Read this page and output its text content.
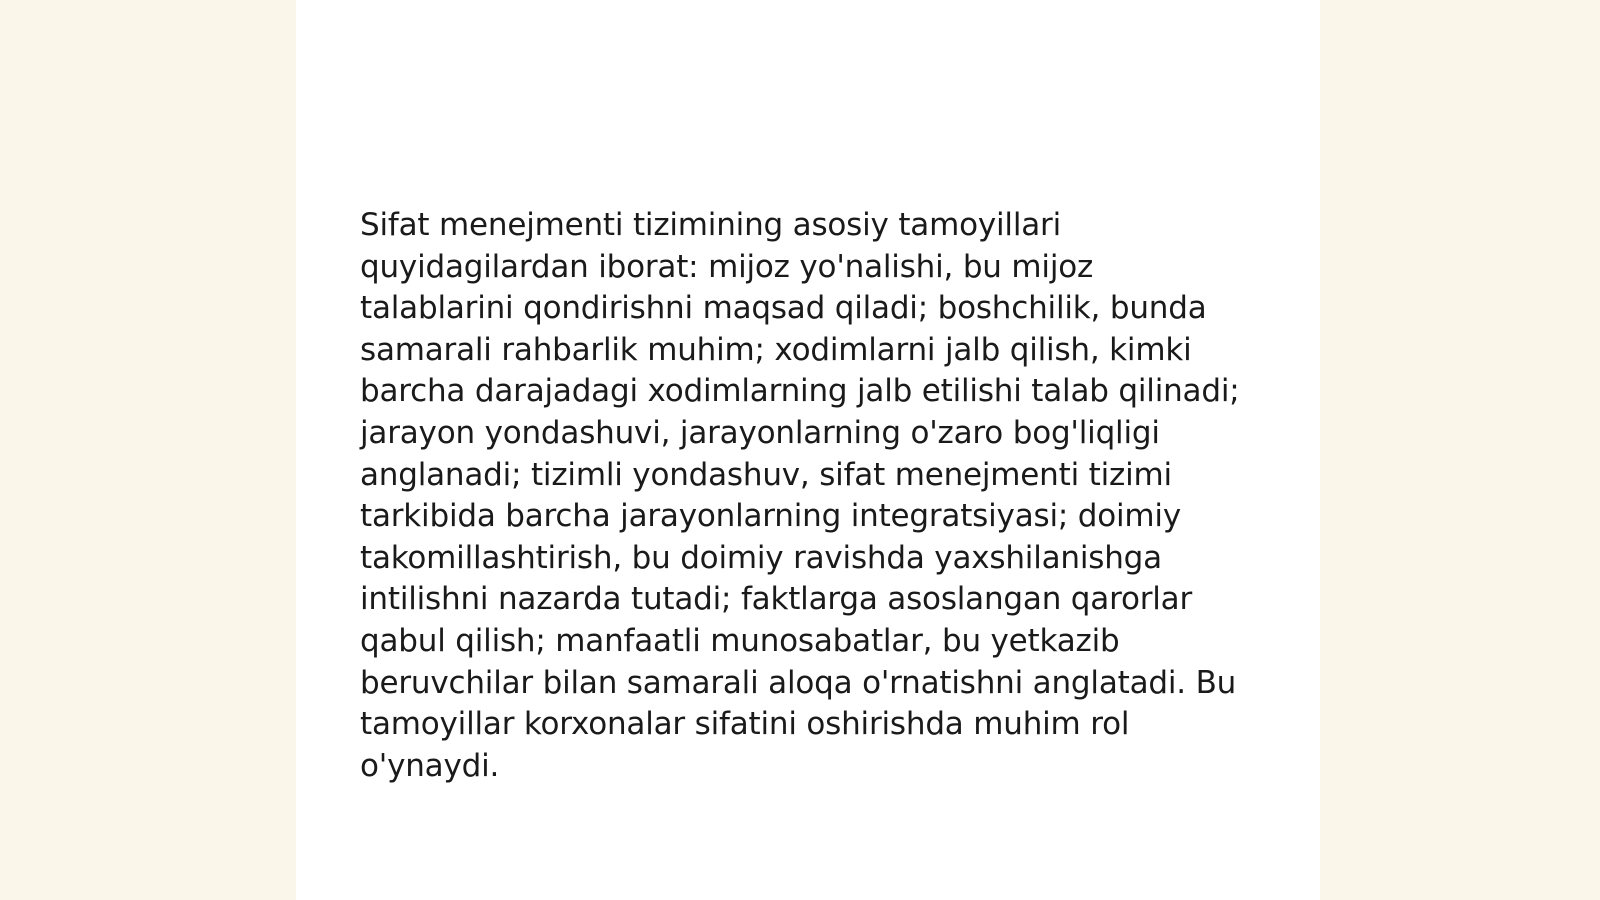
Sifat menejmenti tizimining asosiy tamoyillari quyidagilardan iborat: mijoz yo'nalishi, bu mijoz talablarini qondirishni maqsad qiladi; boshchilik, bunda samarali rahbarlik muhim; xodimlarni jalb qilish, kimki barcha darajadagi xodimlarning jalb etilishi talab qilinadi; jarayon yondashuvi, jarayonlarning o'zaro bog'liqligi anglanadi; tizimli yondashuv, sifat menejmenti tizimi tarkibida barcha jarayonlarning integratsiyasi; doimiy takomillashtirish, bu doimiy ravishda yaxshilanishga intilishni nazarda tutadi; faktlarga asoslangan qarorlar qabul qilish; manfaatli munosabatlar, bu yetkazib beruvchilar bilan samarali aloqa o'rnatishni anglatadi. Bu tamoyillar korxonalar sifatini oshirishda muhim rol o'ynaydi.
